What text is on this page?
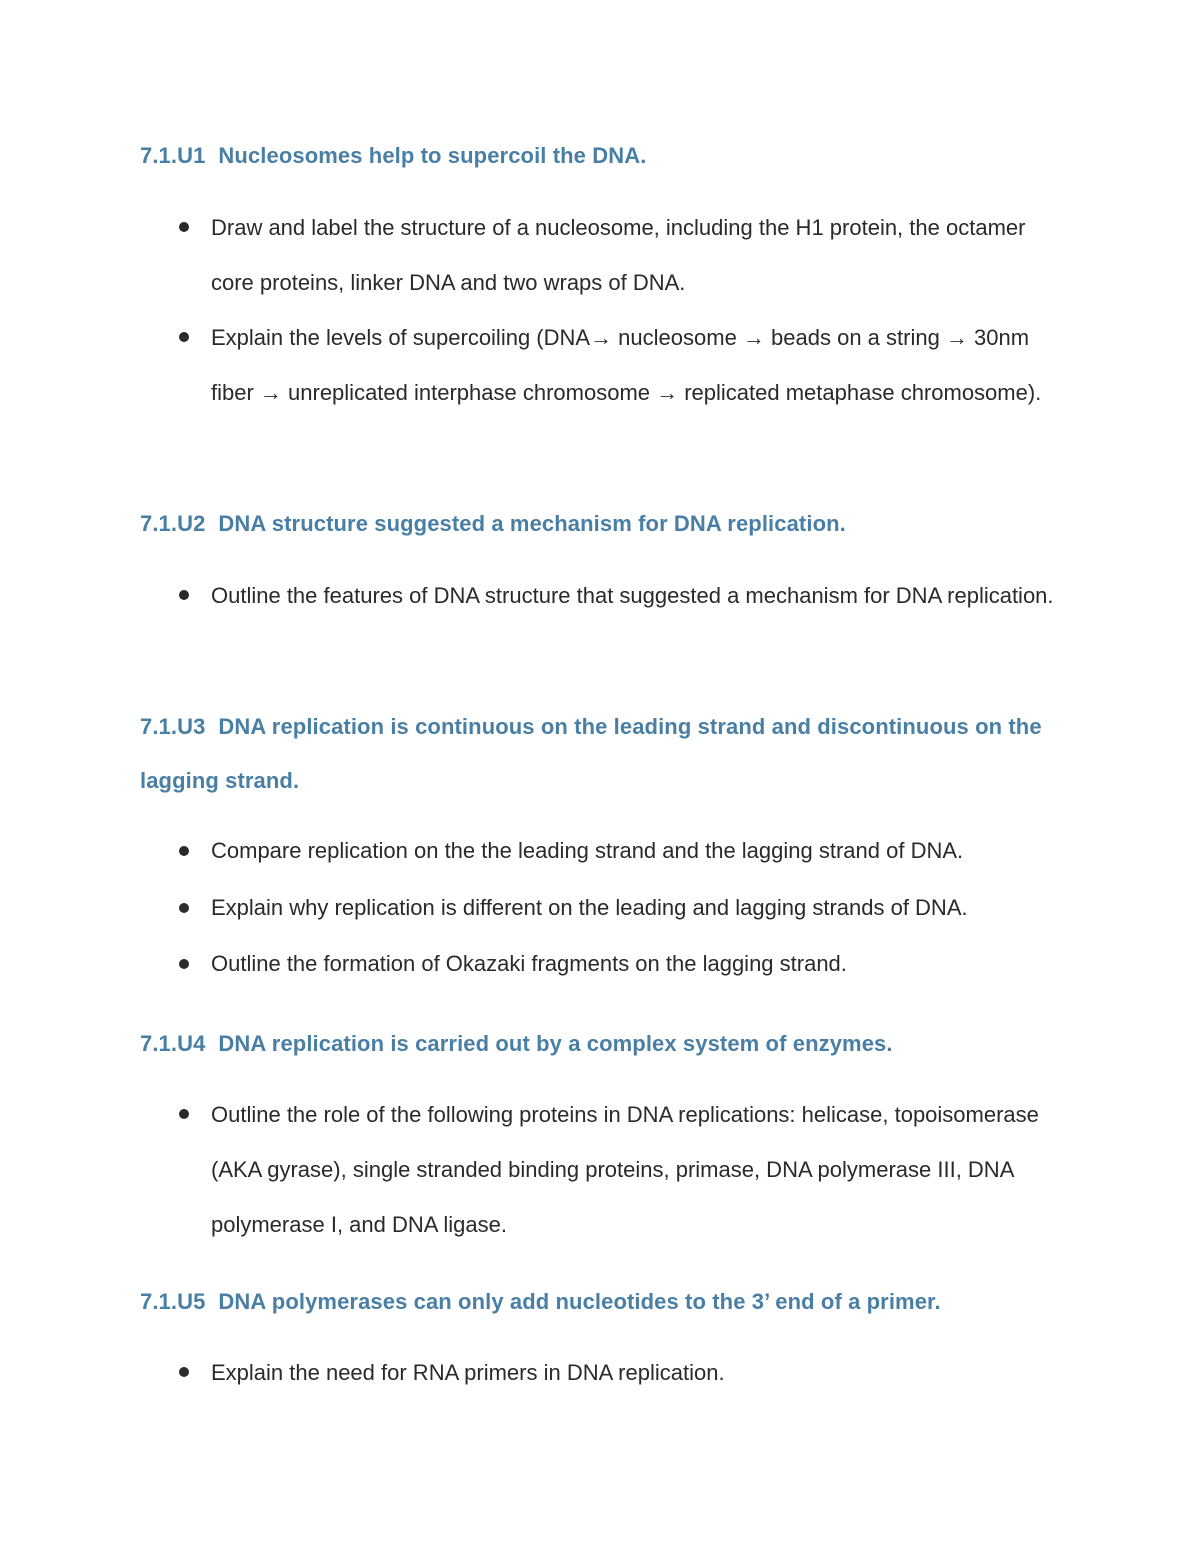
7.1.U1 Nucleosomes help to supercoil the DNA.
Draw and label the structure of a nucleosome, including the H1 protein, the octamer core proteins, linker DNA and two wraps of DNA.
Explain the levels of supercoiling (DNA→ nucleosome → beads on a string → 30nm fiber → unreplicated interphase chromosome → replicated metaphase chromosome).
7.1.U2 DNA structure suggested a mechanism for DNA replication.
Outline the features of DNA structure that suggested a mechanism for DNA replication.
7.1.U3 DNA replication is continuous on the leading strand and discontinuous on the lagging strand.
Compare replication on the the leading strand and the lagging strand of DNA.
Explain why replication is different on the leading and lagging strands of DNA.
Outline the formation of Okazaki fragments on the lagging strand.
7.1.U4 DNA replication is carried out by a complex system of enzymes.
Outline the role of the following proteins in DNA replications: helicase, topoisomerase (AKA gyrase), single stranded binding proteins, primase, DNA polymerase III, DNA polymerase I, and DNA ligase.
7.1.U5 DNA polymerases can only add nucleotides to the 3’ end of a primer.
Explain the need for RNA primers in DNA replication.
